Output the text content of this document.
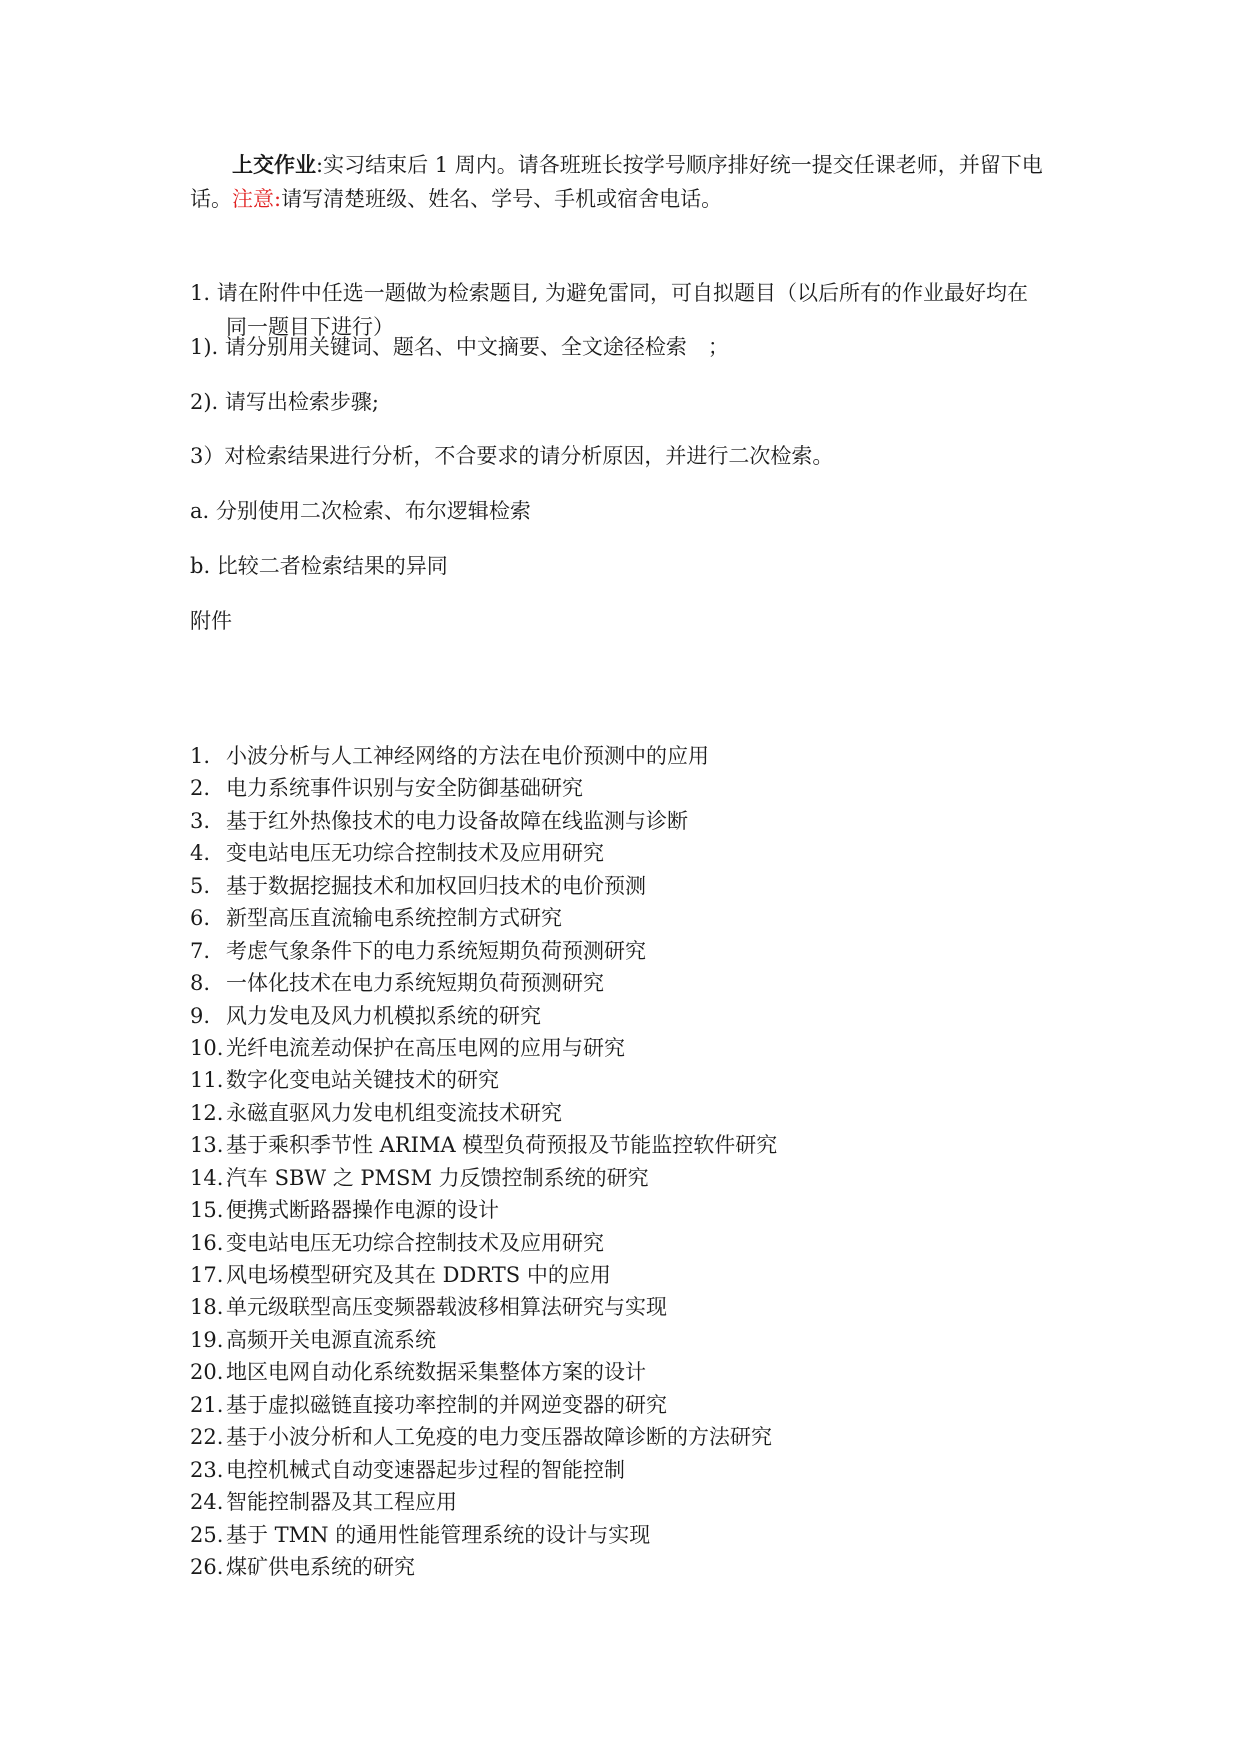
上交作业:实习结束后 1 周内。请各班班长按学号顺序排好统一提交任课老师，并留下电话。注意:请写清楚班级、姓名、学号、手机或宿舍电话。
1. 请在附件中任选一题做为检索题目, 为避免雷同，可自拟题目（以后所有的作业最好均在
同一题目下进行）
1). 请分别用关键词、题名、中文摘要、全文途径检索　；
2). 请写出检索步骤;
3）对检索结果进行分析，不合要求的请分析原因，并进行二次检索。
a. 分别使用二次检索、布尔逻辑检索
b. 比较二者检索结果的异同
附件
1. 小波分析与人工神经网络的方法在电价预测中的应用
2. 电力系统事件识别与安全防御基础研究
3. 基于红外热像技术的电力设备故障在线监测与诊断
4. 变电站电压无功综合控制技术及应用研究
5. 基于数据挖掘技术和加权回归技术的电价预测
6. 新型高压直流输电系统控制方式研究
7. 考虑气象条件下的电力系统短期负荷预测研究
8. 一体化技术在电力系统短期负荷预测研究
9. 风力发电及风力机模拟系统的研究
10. 光纤电流差动保护在高压电网的应用与研究
11. 数字化变电站关键技术的研究
12. 永磁直驱风力发电机组变流技术研究
13. 基于乘积季节性 ARIMA 模型负荷预报及节能监控软件研究
14. 汽车 SBW 之 PMSM 力反馈控制系统的研究
15. 便携式断路器操作电源的设计
16. 变电站电压无功综合控制技术及应用研究
17. 风电场模型研究及其在 DDRTS 中的应用
18. 单元级联型高压变频器载波移相算法研究与实现
19. 高频开关电源直流系统
20. 地区电网自动化系统数据采集整体方案的设计
21. 基于虚拟磁链直接功率控制的并网逆变器的研究
22. 基于小波分析和人工免疫的电力变压器故障诊断的方法研究
23. 电控机械式自动变速器起步过程的智能控制
24. 智能控制器及其工程应用
25. 基于 TMN 的通用性能管理系统的设计与实现
26. 煤矿供电系统的研究
